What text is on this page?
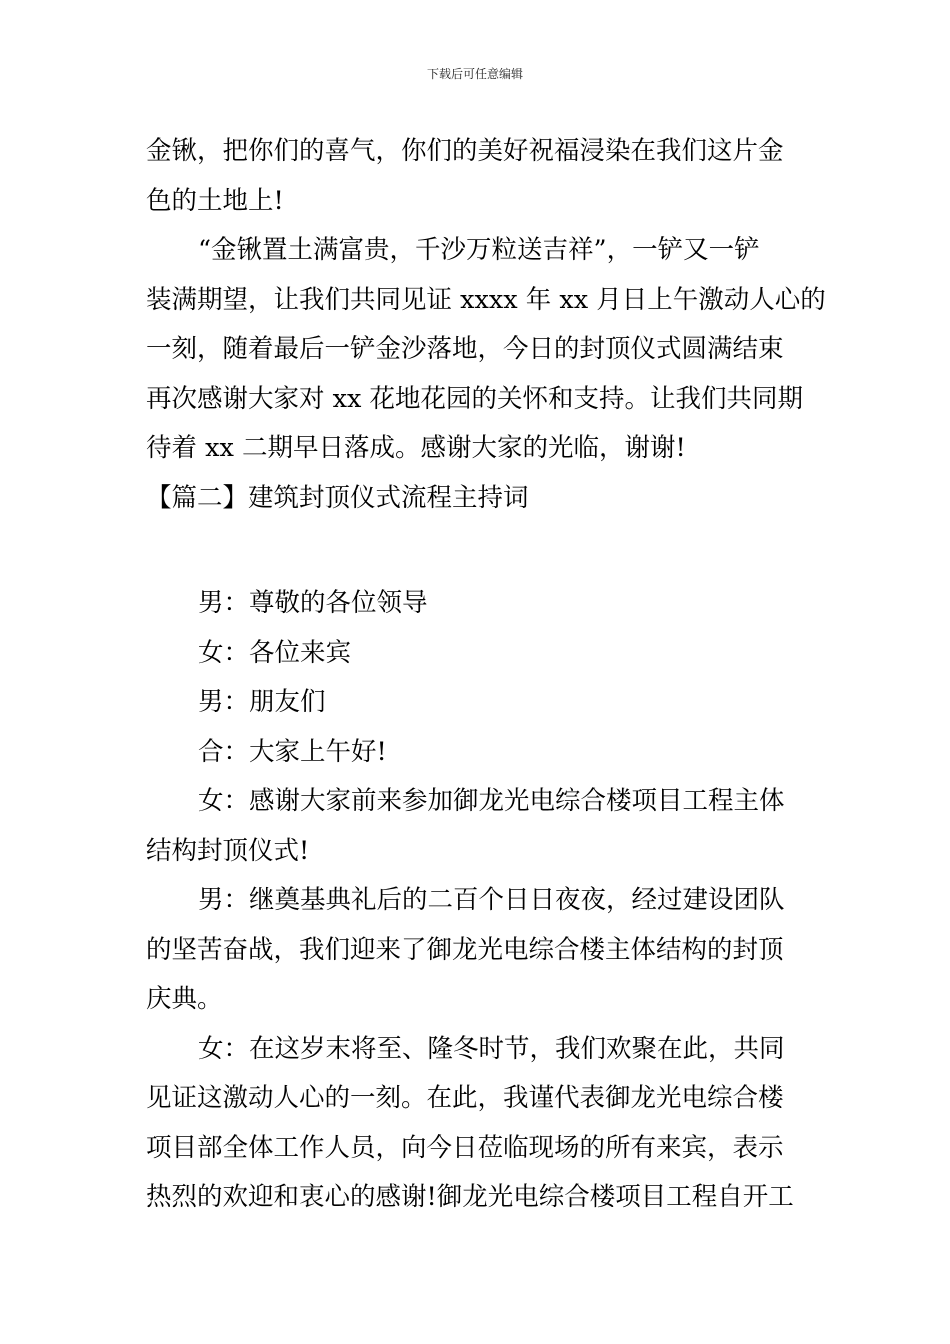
下载后可任意编辑
金锹，把你们的喜气，你们的美好祝福浸染在我们这片金
色的土地上!
“金锹置土满富贵，千沙万粒送吉祥”，一铲又一铲
装满期望，让我们共同见证 xxxx 年 xx 月日上午激动人心的
一刻，随着最后一铲金沙落地，今日的封顶仪式圆满结束
再次感谢大家对 xx 花地花园的关怀和支持。让我们共同期
待着 xx 二期早日落成。感谢大家的光临，谢谢!
【篇二】建筑封顶仪式流程主持词
男：尊敬的各位领导
女：各位来宾
男：朋友们
合：大家上午好!
女：感谢大家前来参加御龙光电综合楼项目工程主体
结构封顶仪式!
男：继奠基典礼后的二百个日日夜夜，经过建设团队
的坚苦奋战，我们迎来了御龙光电综合楼主体结构的封顶
庆典。
女：在这岁末将至、隆冬时节，我们欢聚在此，共同
见证这激动人心的一刻。在此，我谨代表御龙光电综合楼
项目部全体工作人员，向今日莅临现场的所有来宾，表示
热烈的欢迎和衷心的感谢!御龙光电综合楼项目工程自开工
